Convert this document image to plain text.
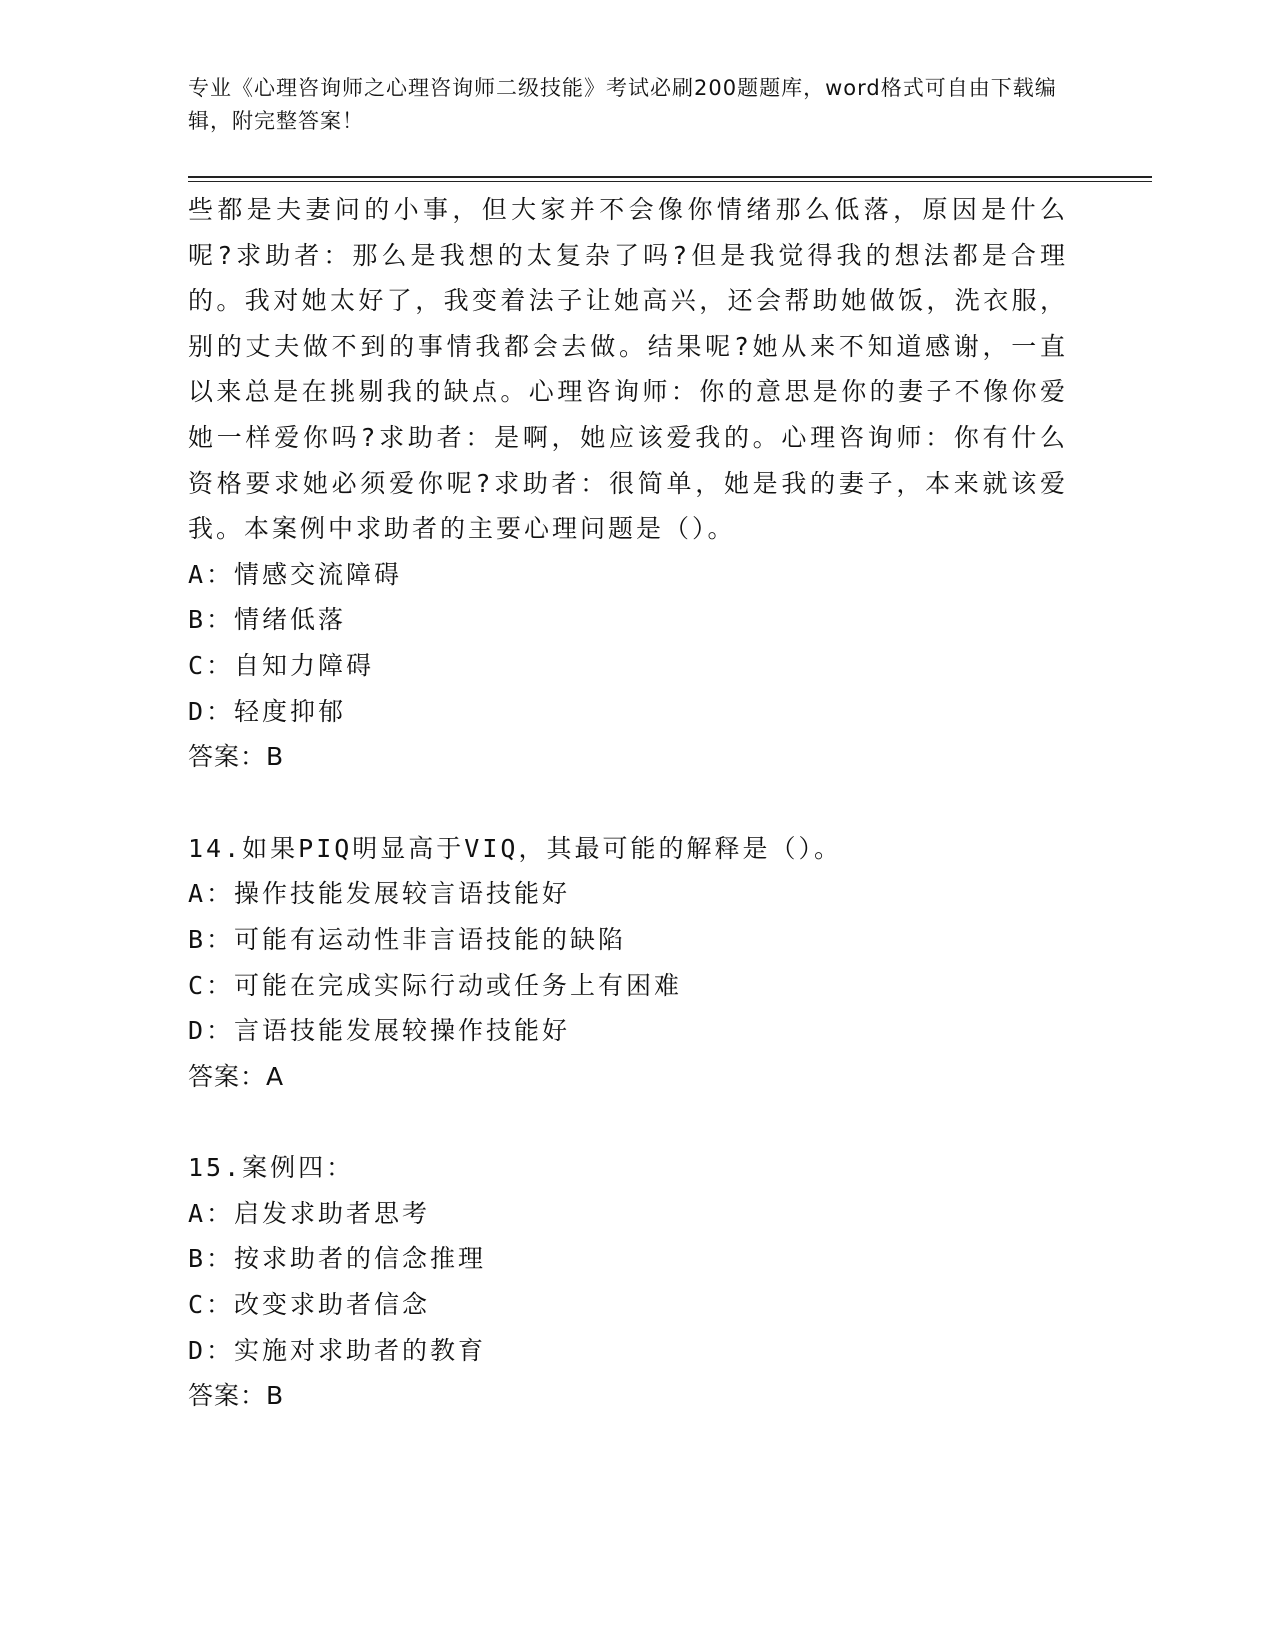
专业《心理咨询师之心理咨询师二级技能》考试必刷200题题库，word格式可自由下载编辑，附完整答案！
些都是夫妻问的小事，但大家并不会像你情绪那么低落，原因是什么呢?求助者：那么是我想的太复杂了吗?但是我觉得我的想法都是合理的。我对她太好了，我变着法子让她高兴，还会帮助她做饭，洗衣服，别的丈夫做不到的事情我都会去做。结果呢?她从来不知道感谢，一直以来总是在挑剔我的缺点。心理咨询师：你的意思是你的妻子不像你爱她一样爱你吗?求助者：是啊，她应该爱我的。心理咨询师：你有什么资格要求她必须爱你呢?求助者：很简单，她是我的妻子，本来就该爱我。本案例中求助者的主要心理问题是（）。
A：情感交流障碍
B：情绪低落
C：自知力障碍
D：轻度抑郁
答案：B
14.如果PIQ明显高于VIQ，其最可能的解释是（）。
A：操作技能发展较言语技能好
B：可能有运动性非言语技能的缺陷
C：可能在完成实际行动或任务上有困难
D：言语技能发展较操作技能好
答案：A
15.案例四：
A：启发求助者思考
B：按求助者的信念推理
C：改变求助者信念
D：实施对求助者的教育
答案：B
